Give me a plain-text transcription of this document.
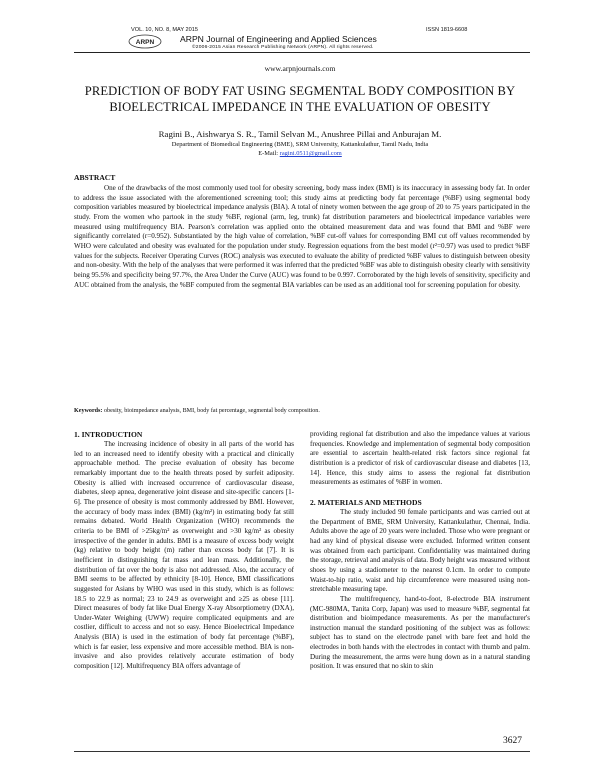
VOL. 10, NO. 8, MAY 2015	ISSN 1819-6608
ARPN	ARPN Journal of Engineering and Applied Sciences
©2006-2015 Asian Research Publishing Network (ARPN). All rights reserved.
www.arpnjournals.com
PREDICTION OF BODY FAT USING SEGMENTAL BODY COMPOSITION BY BIOELECTRICAL IMPEDANCE IN THE EVALUATION OF OBESITY
Ragini B., Aishwarya S. R., Tamil Selvan M., Anushree Pillai and Anburajan M.
Department of Biomedical Engineering (BME), SRM University, Kattankulathur, Tamil Nadu, India
E-Mail: ragini.0511@gmail.com
ABSTRACT

One of the drawbacks of the most commonly used tool for obesity screening, body mass index (BMI) is its inaccuracy in assessing body fat. In order to address the issue associated with the aforementioned screening tool; this study aims at predicting body fat percentage (%BF) using segmental body composition variables measured by bioelectrical impedance analysis (BIA). A total of ninety women between the age group of 20 to 75 years participated in the study. From the women who partook in the study %BF, regional (arm, leg, trunk) fat distribution parameters and bioelectrical impedance variables were measured using multifrequency BIA. Pearson's correlation was applied onto the obtained measurement data and was found that BMI and %BF were significantly correlated (r=0.952). Substantiated by the high value of correlation, %BF cut-off values for corresponding BMI cut off values recommended by WHO were calculated and obesity was evaluated for the population under study. Regression equations from the best model (r²=0.97) was used to predict %BF values for the subjects. Receiver Operating Curves (ROC) analysis was executed to evaluate the ability of predicted %BF values to distinguish between obesity and non-obesity. With the help of the analyses that were performed it was inferred that the predicted %BF was able to distinguish obesity clearly with sensitivity being 95.5% and specificity being 97.7%, the Area Under the Curve (AUC) was found to be 0.997. Corroborated by the high levels of sensitivity, specificity and AUC obtained from the analysis, the %BF computed from the segmental BIA variables can be used as an additional tool for screening population for obesity.

Keywords: obesity, bioimpedance analysis, BMI, body fat percentage, segmental body composition.
1. INTRODUCTION

The increasing incidence of obesity in all parts of the world has led to an increased need to identify obesity with a practical and clinically approachable method. The precise evaluation of obesity has become remarkably important due to the health threats posed by surfeit adiposity. Obesity is allied with increased occurrence of cardiovascular disease, diabetes, sleep apnea, degenerative joint disease and site-specific cancers [1-6]. The presence of obesity is most commonly addressed by BMI. However, the accuracy of body mass index (BMI) (kg/m²) in estimating body fat still remains debated. World Health Organization (WHO) recommends the criteria to be BMI of >25kg/m² as overweight and >30 kg/m² as obesity irrespective of the gender in adults. BMI is a measure of excess body weight (kg) relative to body height (m) rather than excess body fat [7]. It is inefficient in distinguishing fat mass and lean mass. Additionally, the distribution of fat over the body is also not addressed. Also, the accuracy of BMI seems to be affected by ethnicity [8-10]. Hence, BMI classifications suggested for Asians by WHO was used in this study, which is as follows: 18.5 to 22.9 as normal; 23 to 24.9 as overweight and ≥25 as obese [11]. Direct measures of body fat like Dual Energy X-ray Absorptiometry (DXA), Under-Water Weighing (UWW) require complicated equipments and are costlier, difficult to access and not so easy. Hence Bioelectrical Impedance Analysis (BIA) is used in the estimation of body fat percentage (%BF), which is far easier, less expensive and more accessible method. BIA is non-invasive and also provides relatively accurate estimation of body composition [12]. Multifrequency BIA offers advantage of

providing regional fat distribution and also the impedance values at various frequencies. Knowledge and implementation of segmental body composition are essential to ascertain health-related risk factors since regional fat distribution is a predictor of risk of cardiovascular disease and diabetes [13, 14]. Hence, this study aims to assess the regional fat distribution measurements as estimates of %BF in women.

2. MATERIALS AND METHODS

The study included 90 female participants and was carried out at the Department of BME, SRM University, Kattankulathur, Chennai, India. Adults above the age of 20 years were included. Those who were pregnant or had any kind of physical disease were excluded. Informed written consent was obtained from each participant. Confidentiality was maintained during the storage, retrieval and analysis of data. Body height was measured without shoes by using a stadiometer to the nearest 0.1cm. In order to compute Waist-to-hip ratio, waist and hip circumference were measured using non-stretchable measuring tape.

The multifrequency, hand-to-foot, 8-electrode BIA instrument (MC-980MA, Tanita Corp, Japan) was used to measure %BF, segmental fat distribution and bioimpedance measurements. As per the manufacturer's instruction manual the standard positioning of the subject was as follows: subject has to stand on the electrode panel with bare feet and hold the electrodes in both hands with the electrodes in contact with thumb and palm. During the measurement, the arms were hung down as in a natural standing position. It was ensured that no skin to skin

3627
